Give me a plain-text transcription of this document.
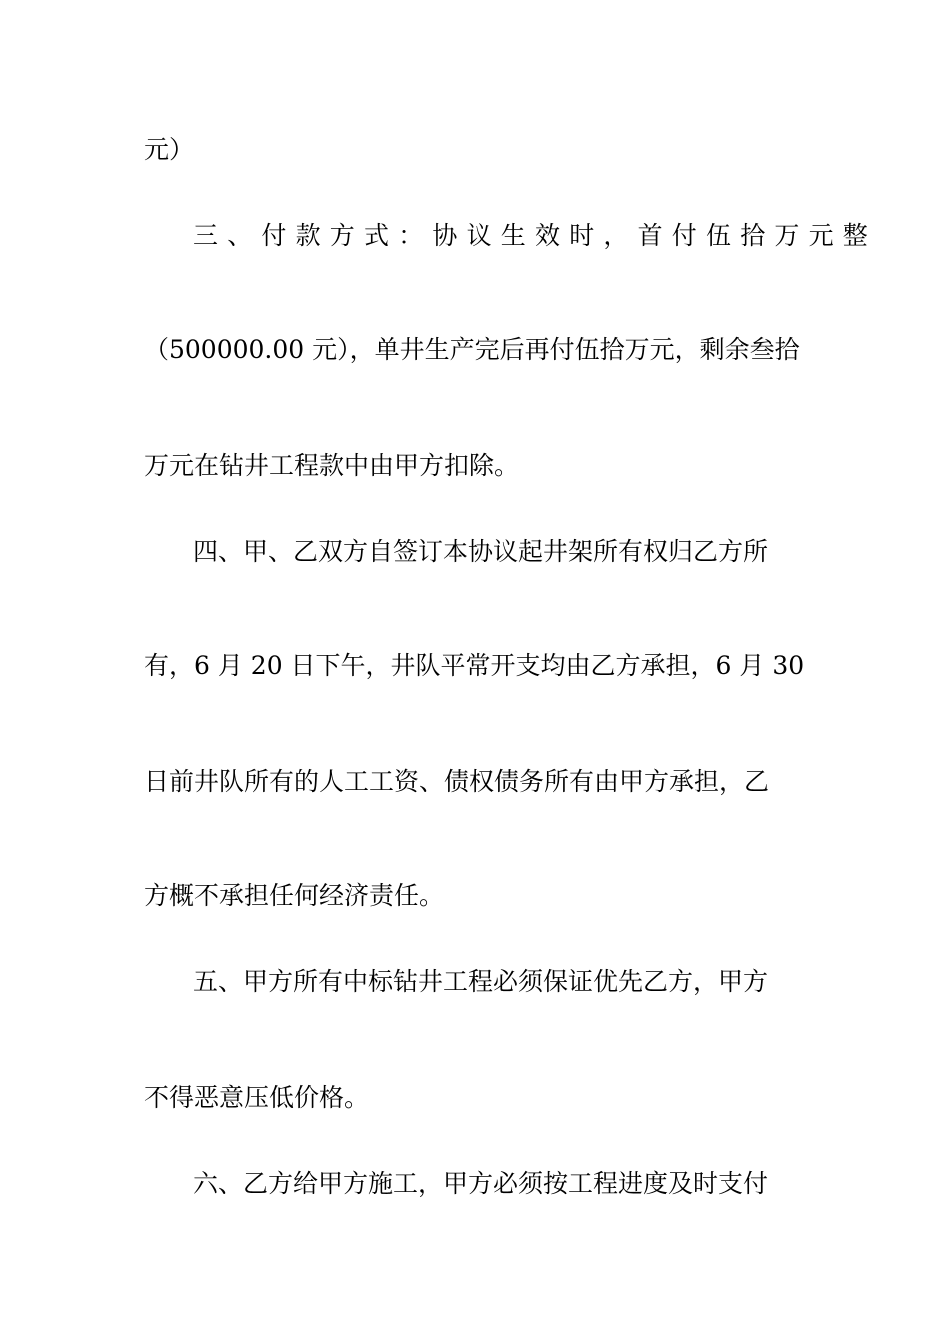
元）
三、付款方式：协议生效时，首付伍拾万元整
（500000.00 元），单井生产完后再付伍拾万元，剩余叁拾
万元在钻井工程款中由甲方扣除。
四、甲、乙双方自签订本协议起井架所有权归乙方所
有，6 月 20 日下午，井队平常开支均由乙方承担，6 月 30
日前井队所有的人工工资、债权债务所有由甲方承担，乙
方概不承担任何经济责任。
五、甲方所有中标钻井工程必须保证优先乙方，甲方
不得恶意压低价格。
六、乙方给甲方施工，甲方必须按工程进度及时支付
